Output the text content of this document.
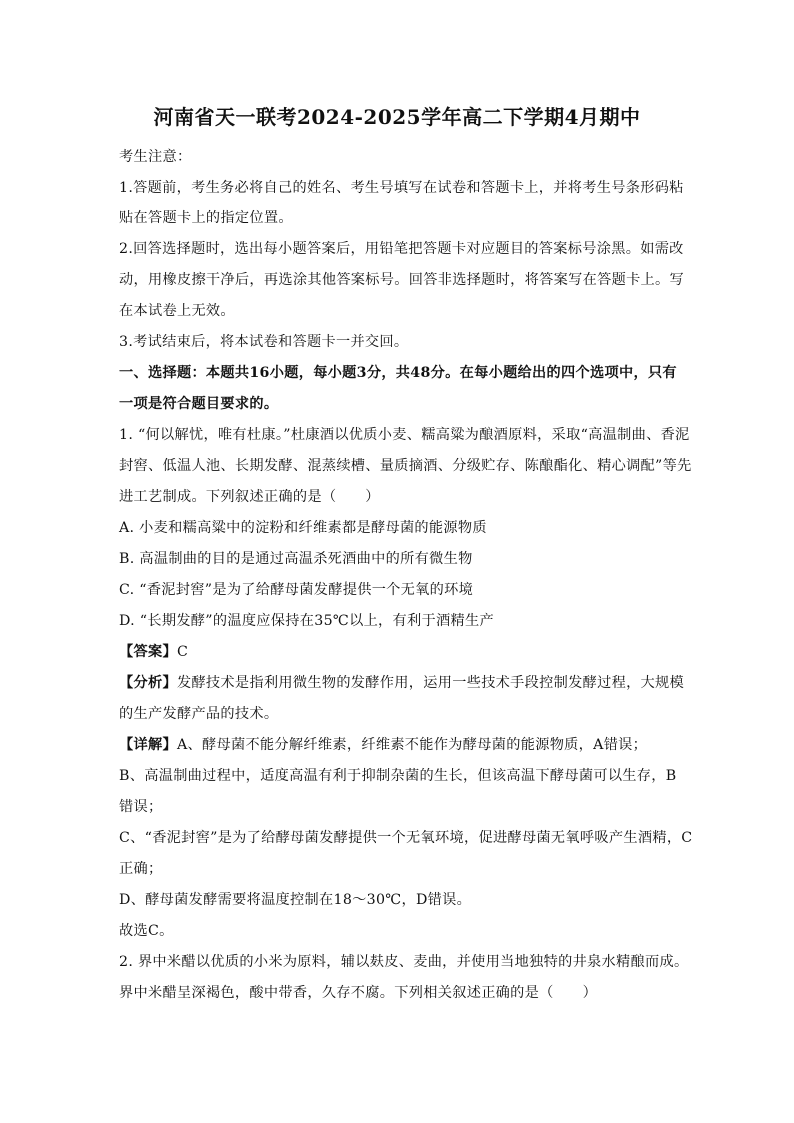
河南省天一联考2024-2025学年高二下学期4月期中
考生注意：
1.答题前，考生务必将自己的姓名、考生号填写在试卷和答题卡上，并将考生号条形码粘
贴在答题卡上的指定位置。
2.回答选择题时，选出每小题答案后，用铅笔把答题卡对应题目的答案标号涂黑。如需改
动，用橡皮擦干净后，再选涂其他答案标号。回答非选择题时，将答案写在答题卡上。写
在本试卷上无效。
3.考试结束后，将本试卷和答题卡一并交回。
一、选择题：本题共16小题，每小题3分，共48分。在每小题给出的四个选项中，只有
一项是符合题目要求的。
1. “何以解忧，唯有杜康。”杜康酒以优质小麦、糯高粱为酿酒原料，采取“高温制曲、香泥
封窖、低温人池、长期发酵、混蒸续槽、量质摘酒、分级贮存、陈酿酯化、精心调配”等先
进工艺制成。下列叙述正确的是（　　）
A. 小麦和糯高粱中的淀粉和纤维素都是酵母菌的能源物质
B. 高温制曲的目的是通过高温杀死酒曲中的所有微生物
C. “香泥封窖”是为了给酵母菌发酵提供一个无氧的环境
D. “长期发酵”的温度应保持在35℃以上，有利于酒精生产
【答案】C
【分析】发酵技术是指利用微生物的发酵作用，运用一些技术手段控制发酵过程，大规模
的生产发酵产品的技术。
【详解】A、酵母菌不能分解纤维素，纤维素不能作为酵母菌的能源物质，A错误；
B、高温制曲过程中，适度高温有利于抑制杂菌的生长，但该高温下酵母菌可以生存，B
错误；
C、“香泥封窖”是为了给酵母菌发酵提供一个无氧环境，促进酵母菌无氧呼吸产生酒精，C
正确；
D、酵母菌发酵需要将温度控制在18～30℃，D错误。
故选C。
2. 界中米醋以优质的小米为原料，辅以麸皮、麦曲，并使用当地独特的井泉水精酿而成。
界中米醋呈深褐色，酸中带香，久存不腐。下列相关叙述正确的是（　　）
